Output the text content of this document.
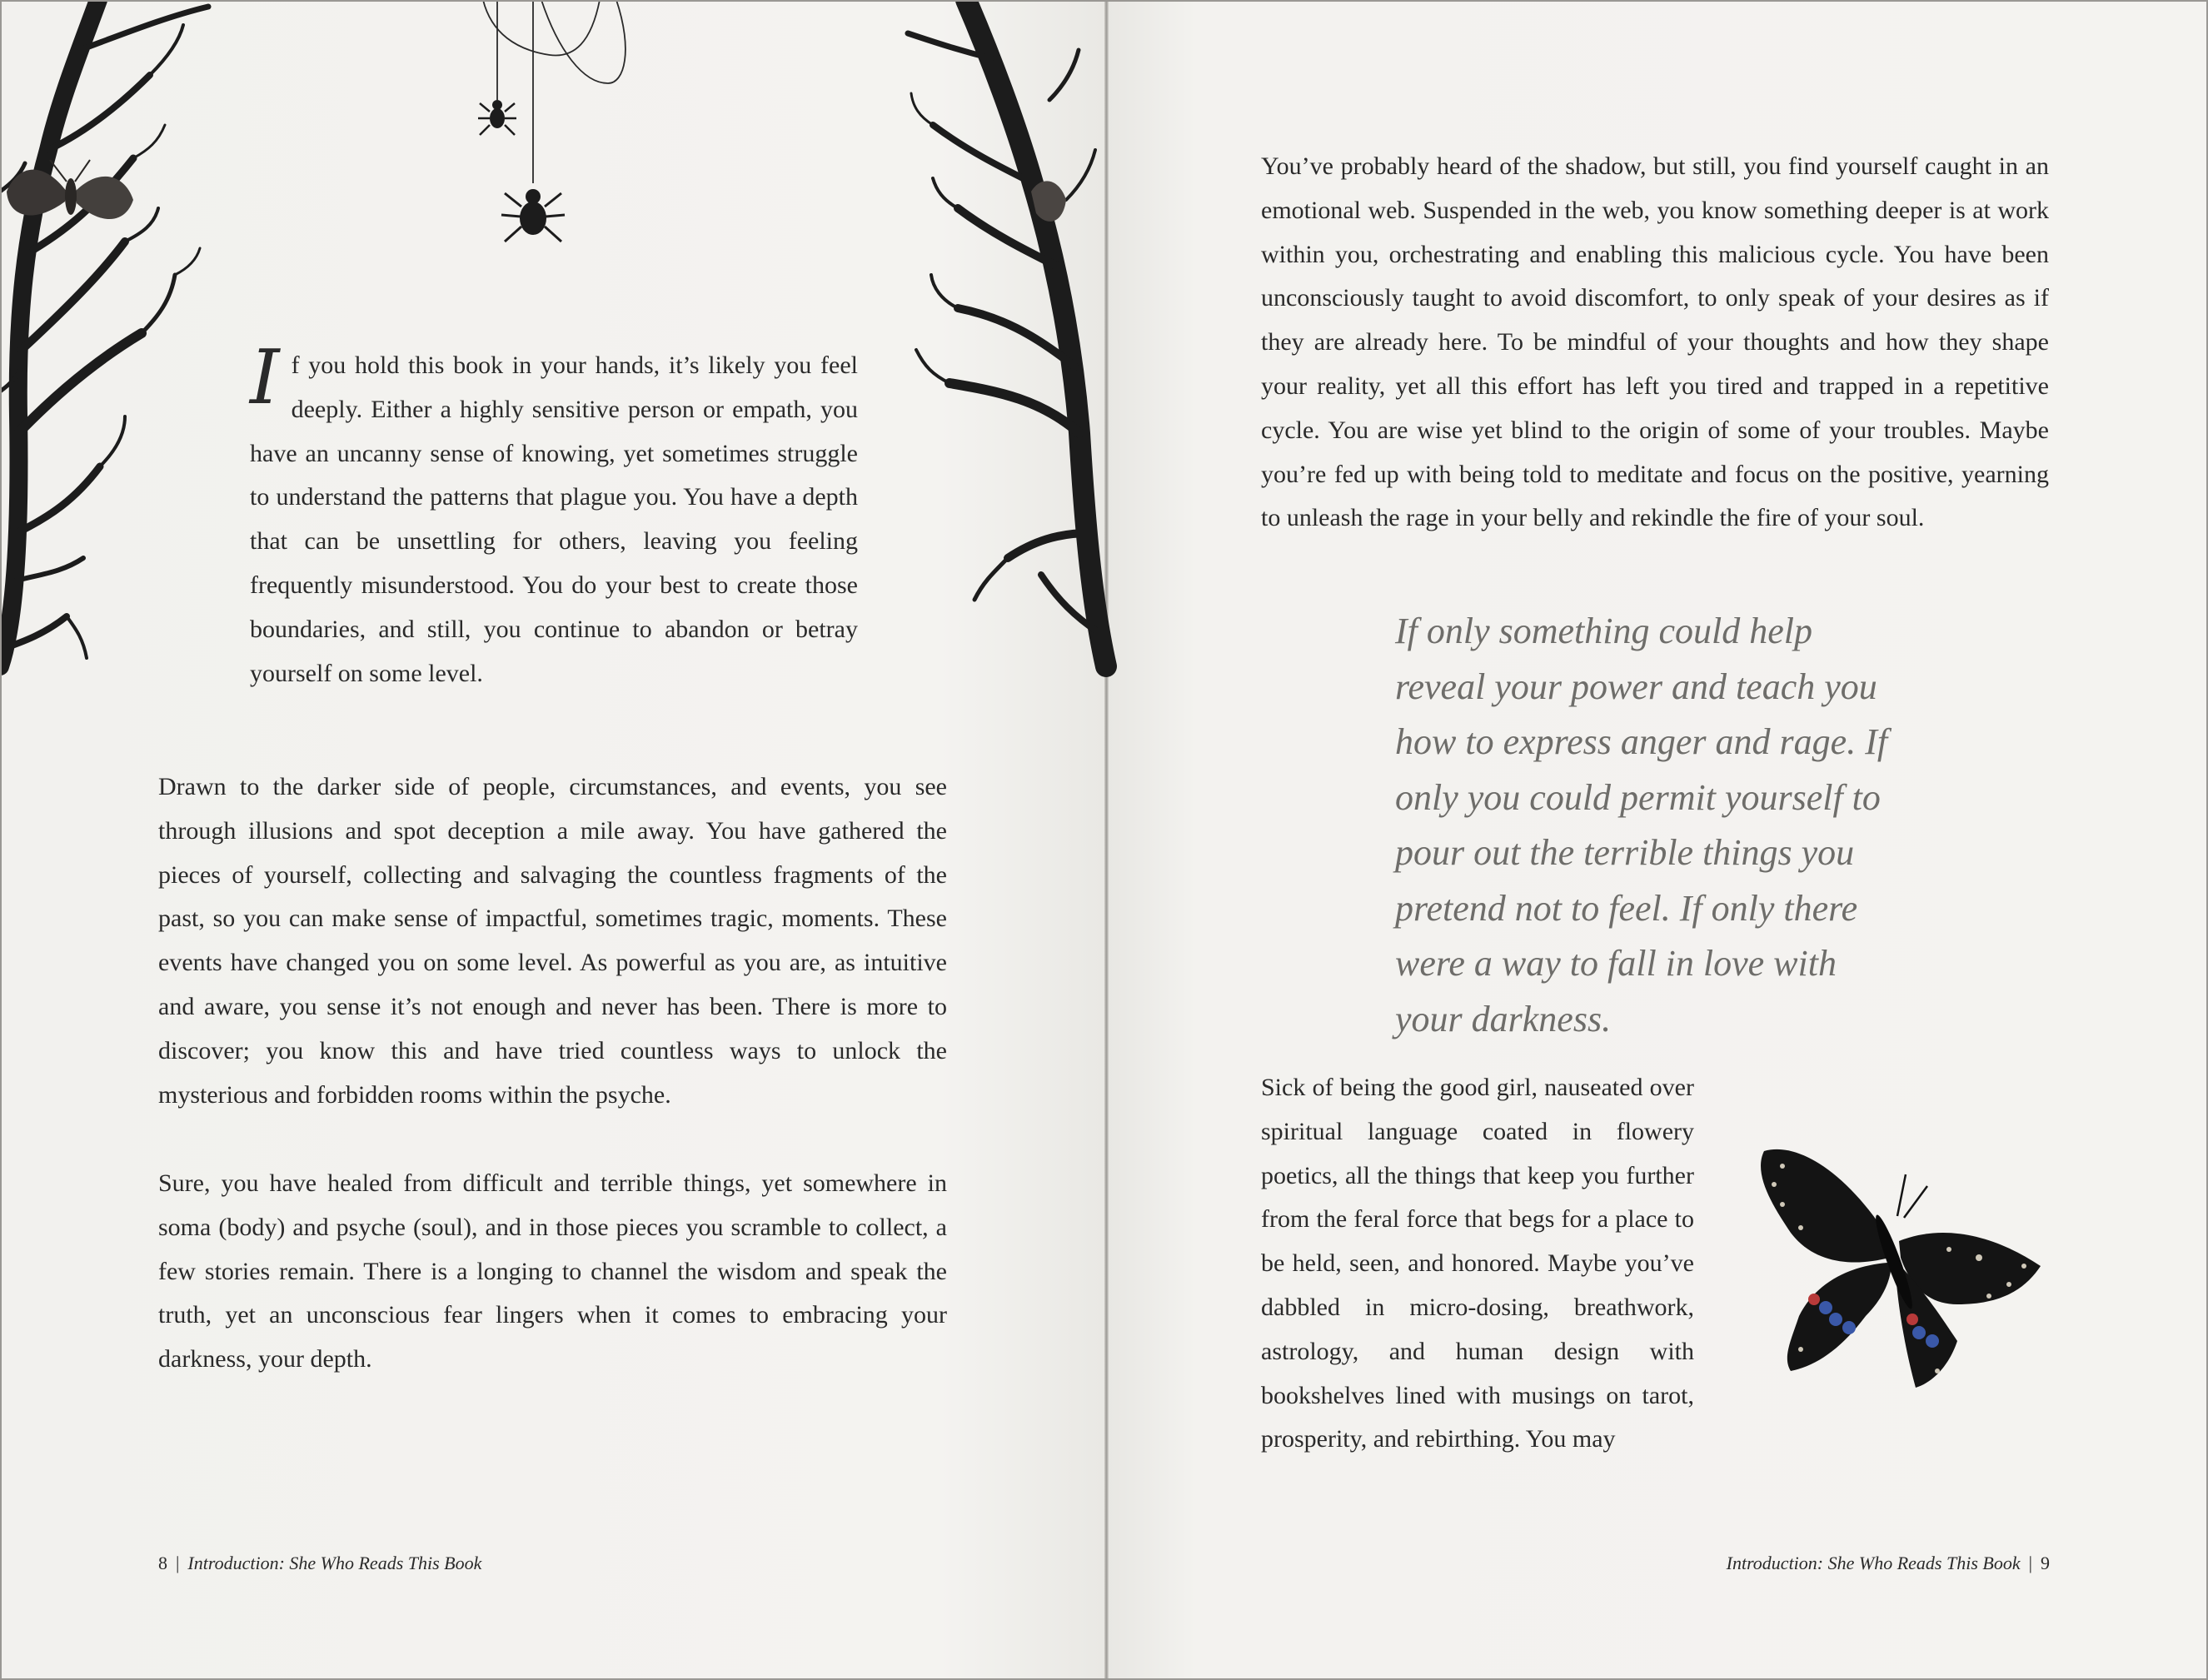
If you hold this book in your hands, it’s likely you feel deeply. Either a highly sensitive person or empath, you have an uncanny sense of knowing, yet sometimes struggle to understand the patterns that plague you. You have a depth that can be unsettling for others, leaving you feeling frequently misunderstood. You do your best to create those boundaries, and still, you continue to abandon or betray yourself on some level.

Drawn to the darker side of people, circumstances, and events, you see through illusions and spot deception a mile away. You have gathered the pieces of yourself, collecting and salvaging the countless fragments of the past, so you can make sense of impactful, sometimes tragic, moments. These events have changed you on some level. As powerful as you are, as intuitive and aware, you sense it’s not enough and never has been. There is more to discover; you know this and have tried countless ways to unlock the mysterious and forbidden rooms within the psyche.

Sure, you have healed from difficult and terrible things, yet somewhere in soma (body) and psyche (soul), and in those pieces you scramble to collect, a few stories remain. There is a longing to channel the wisdom and speak the truth, yet an unconscious fear lingers when it comes to embracing your darkness, your depth.

8 | Introduction: She Who Reads This Book

You’ve probably heard of the shadow, but still, you find yourself caught in an emotional web. Suspended in the web, you know something deeper is at work within you, orchestrating and enabling this malicious cycle. You have been unconsciously taught to avoid discomfort, to only speak of your desires as if they are already here. To be mindful of your thoughts and how they shape your reality, yet all this effort has left you tired and trapped in a repetitive cycle. You are wise yet blind to the origin of some of your troubles. Maybe you’re fed up with being told to meditate and focus on the positive, yearning to unleash the rage in your belly and rekindle the fire of your soul.

If only something could help reveal your power and teach you how to express anger and rage. If only you could permit yourself to pour out the terrible things you pretend not to feel. If only there were a way to fall in love with your darkness.

Sick of being the good girl, nauseated over spiritual language coated in flowery poetics, all the things that keep you further from the feral force that begs for a place to be held, seen, and honored. Maybe you’ve dabbled in micro-dosing, breathwork, astrology, and human design with bookshelves lined with musings on tarot, prosperity, and rebirthing. You may

Introduction: She Who Reads This Book | 9
